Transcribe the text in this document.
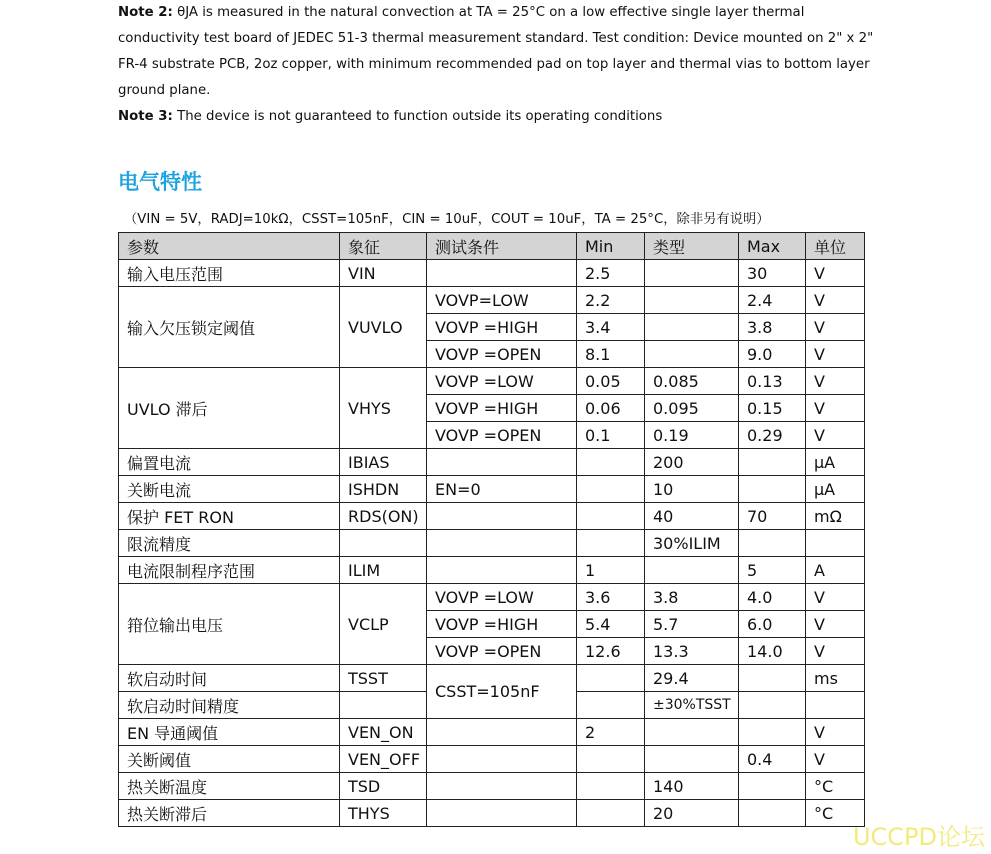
Note 2: θJA is measured in the natural convection at TA = 25°C on a low effective single layer thermal conductivity test board of JEDEC 51-3 thermal measurement standard. Test condition: Device mounted on 2" x 2" FR-4 substrate PCB, 2oz copper, with minimum recommended pad on top layer and thermal vias to bottom layer ground plane.

Note 3: The device is not guaranteed to function outside its operating conditions

电气特性
（VIN = 5V，RADJ=10kΩ，CSST=105nF，CIN = 10uF，COUT = 10uF，TA = 25°C，除非另有说明）
参数	象征	测试条件	Min	类型	Max	单位
输入电压范围	VIN		2.5		30	V
输入欠压锁定阈值	VUVLO	VOVP=LOW	2.2		2.4	V
		VOVP =HIGH	3.4		3.8	V
		VOVP =OPEN	8.1		9.0	V
UVLO 滞后	VHYS	VOVP =LOW	0.05	0.085	0.13	V
		VOVP =HIGH	0.06	0.095	0.15	V
		VOVP =OPEN	0.1	0.19	0.29	V
偏置电流	IBIAS			200		µA
关断电流	ISHDN	EN=0		10		µA
保护 FET RON	RDS(ON)			40	70	mΩ
限流精度				30%ILIM		
电流限制程序范围	ILIM		1		5	A
箝位输出电压	VCLP	VOVP =LOW	3.6	3.8	4.0	V
		VOVP =HIGH	5.4	5.7	6.0	V
		VOVP =OPEN	12.6	13.3	14.0	V
软启动时间	TSST	CSST=105nF		29.4		ms
软启动时间精度				±30%TSST		
EN 导通阈值	VEN_ON		2			V
关断阈值	VEN_OFF				0.4	V
热关断温度	TSD			140		°C
热关断滞后	THYS			20		°C
UCCPD论坛
